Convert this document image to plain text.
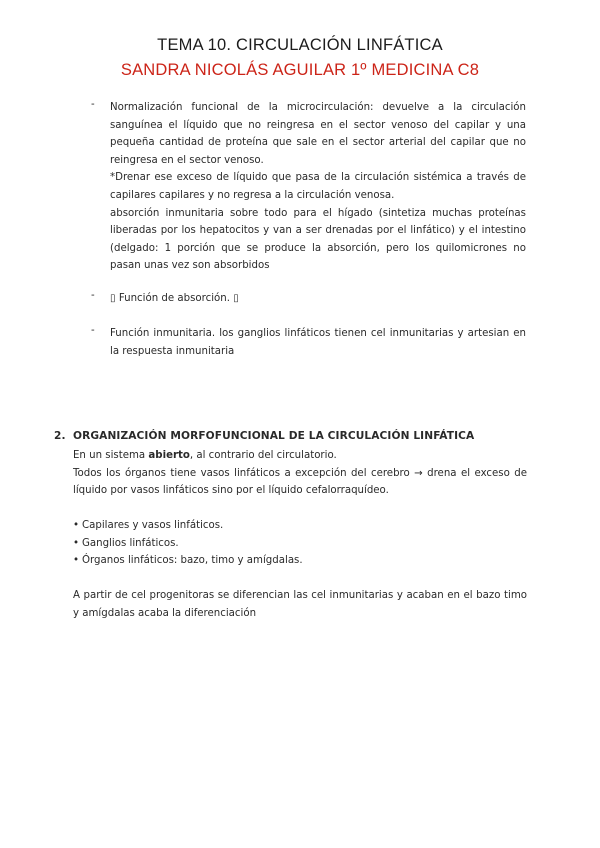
TEMA 10. CIRCULACIÓN LINFÁTICA
SANDRA NICOLÁS AGUILAR 1º MEDICINA C8
- Normalización funcional de la microcirculación: devuelve a la circulación sanguínea el líquido que no reingresa en el sector venoso del capilar y una pequeña cantidad de proteína que sale en el sector arterial del capilar que no reingresa en el sector venoso.

*Drenar ese exceso de líquido que pasa de la circulación sistémica a través de capilares capilares y no regresa a la circulación venosa.

absorción inmunitaria sobre todo para el hígado (sintetiza muchas proteínas liberadas por los hepatocitos y van a ser drenadas por el linfático) y el intestino (delgado: 1 porción que se produce la absorción, pero los quilomicrones no pasan unas vez son absorbidos

- ▯ Función de absorción. ▯

- Función inmunitaria. los ganglios linfáticos tienen cel inmunitarias y artesian en la respuesta inmunitaria

2. ORGANIZACIÓN MORFOFUNCIONAL DE LA CIRCULACIÓN LINFÁTICA

En un sistema abierto, al contrario del circulatorio.

Todos los órganos tiene vasos linfáticos a excepción del cerebro → drena el exceso de líquido por vasos linfáticos sino por el líquido cefalorraquídeo.

• Capilares y vasos linfáticos.
• Ganglios linfáticos.
• Órganos linfáticos: bazo, timo y amígdalas.

A partir de cel progenitoras se diferencian las cel inmunitarias y acaban en el bazo timo y amígdalas acaba la diferenciación
